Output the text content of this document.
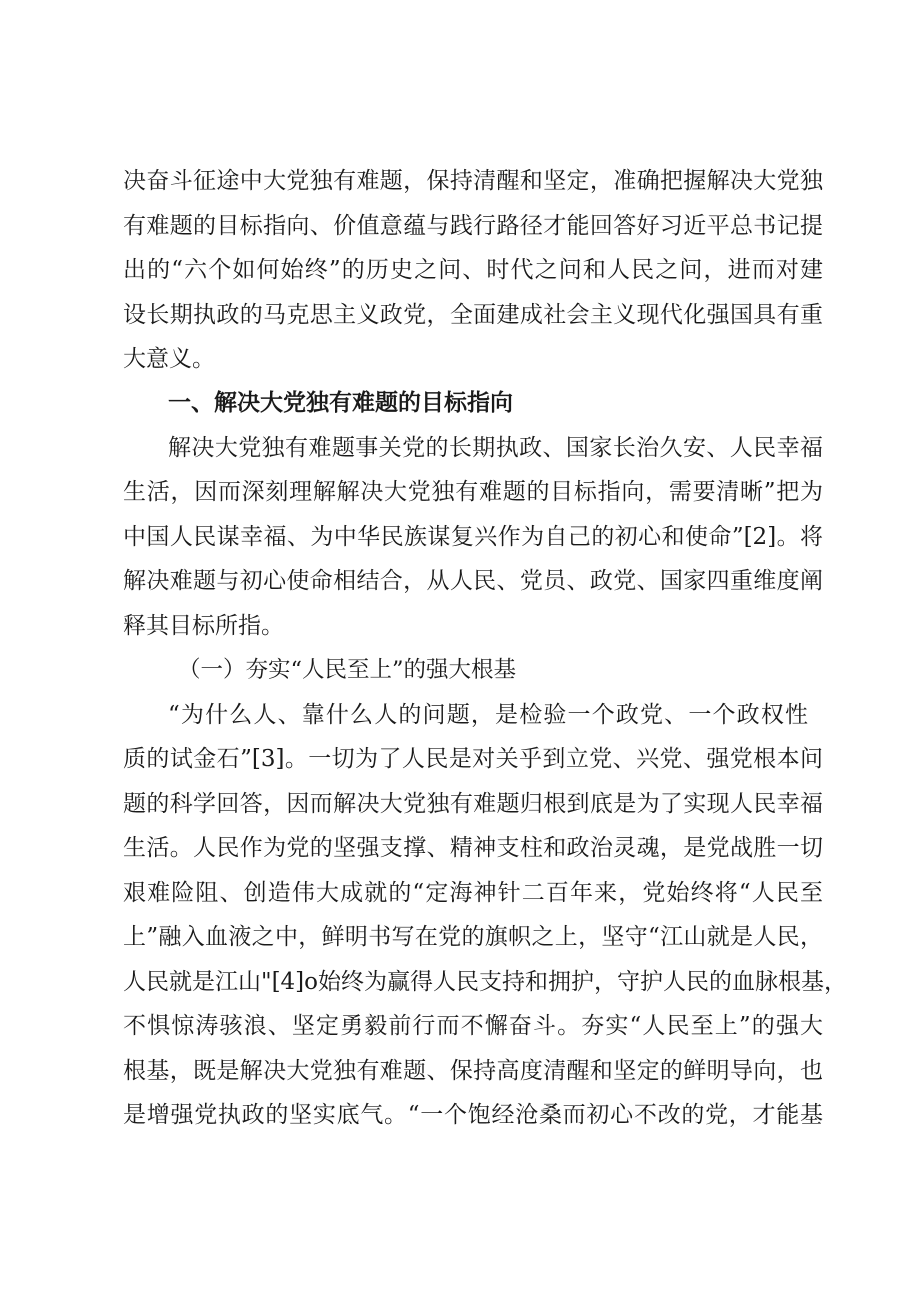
决奋斗征途中大党独有难题，保持清醒和坚定，准确把握解决大党独
有难题的目标指向、价值意蕴与践行路径才能回答好习近平总书记提
出的“六个如何始终”的历史之问、时代之问和人民之问，进而对建
设长期执政的马克思主义政党，全面建成社会主义现代化强国具有重
大意义。
一、解决大党独有难题的目标指向
解决大党独有难题事关党的长期执政、国家长治久安、人民幸福
生活，因而深刻理解解决大党独有难题的目标指向，需要清晰”把为
中国人民谋幸福、为中华民族谋复兴作为自己的初心和使命”[2]。将
解决难题与初心使命相结合，从人民、党员、政党、国家四重维度阐
释其目标所指。
（一）夯实“人民至上”的强大根基
“为什么人、靠什么人的问题，是检验一个政党、一个政权性
质的试金石”[3]。一切为了人民是对关乎到立党、兴党、强党根本问
题的科学回答，因而解决大党独有难题归根到底是为了实现人民幸福
生活。人民作为党的坚强支撑、精神支柱和政治灵魂，是党战胜一切
艰难险阻、创造伟大成就的“定海神针二百年来，党始终将“人民至
上”融入血液之中，鲜明书写在党的旗帜之上，坚守“江山就是人民，
人民就是江山"[4]o始终为赢得人民支持和拥护，守护人民的血脉根基，
不惧惊涛骇浪、坚定勇毅前行而不懈奋斗。夯实“人民至上”的强大
根基，既是解决大党独有难题、保持高度清醒和坚定的鲜明导向，也
是增强党执政的坚实底气。“一个饱经沧桑而初心不改的党，才能基
